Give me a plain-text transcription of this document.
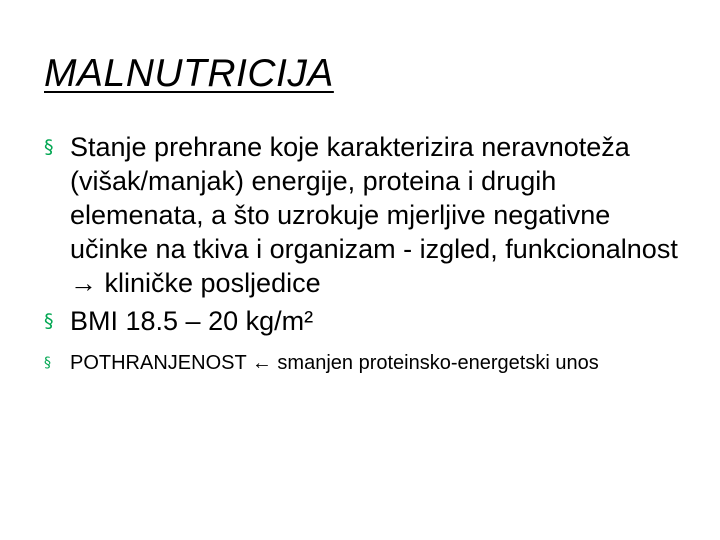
MALNUTRICIJA
§ Stanje prehrane koje karakterizira neravnoteža (višak/manjak) energije, proteina i drugih elemenata, a što uzrokuje mjerljive negativne učinke na tkiva i organizam - izgled, funkcionalnost → kliničke posljedice
§ BMI 18.5 – 20 kg/m²
§ POTHRANJENOST ← smanjen proteinsko-energetski unos
